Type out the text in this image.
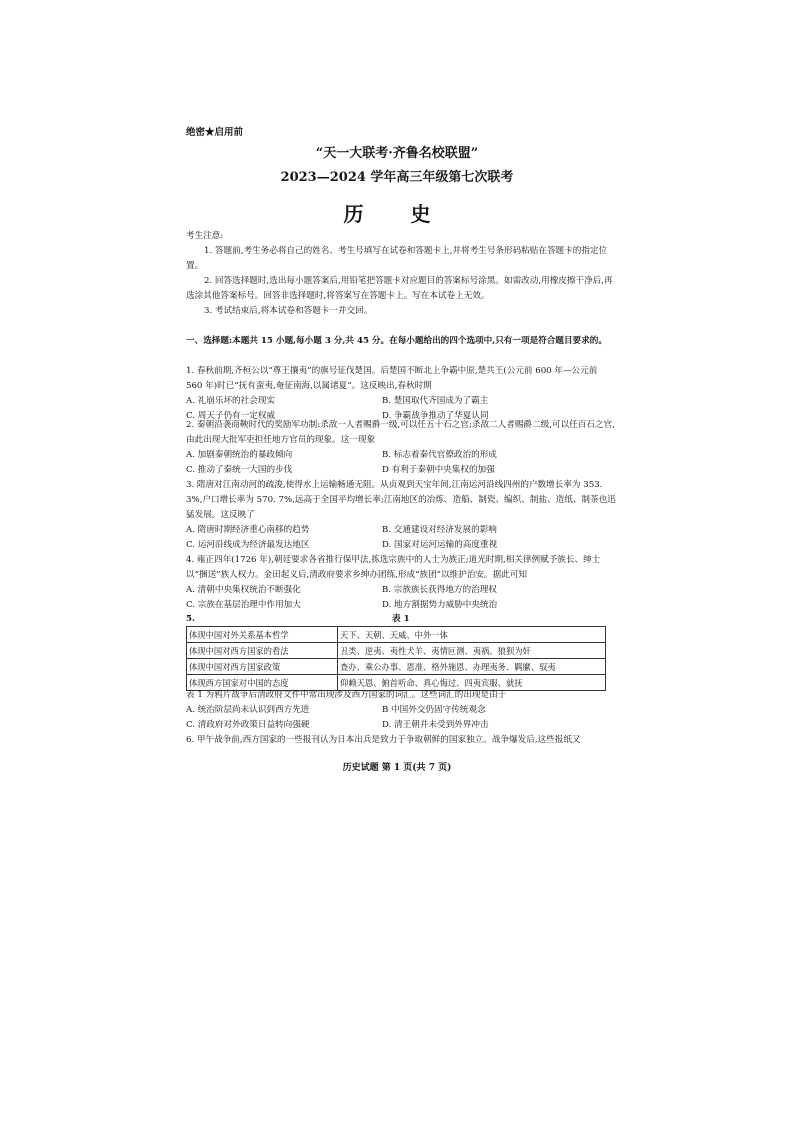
绝密★启用前
“天一大联考·齐鲁名校联盟”
2023—2024 学年高三年级第七次联考
历 史
考生注意:

1. 答题前,考生务必将自己的姓名、考生号填写在试卷和答题卡上,并将考生号条形码粘贴在答题卡的指定位置。

2. 回答选择题时,选出每小题答案后,用铅笔把答题卡对应题目的答案标号涂黑。如需改动,用橡皮擦干净后,再选涂其他答案标号。回答非选择题时,将答案写在答题卡上。写在本试卷上无效。

3. 考试结束后,将本试卷和答题卡一并交回。

一、选择题:本题共 15 小题,每小题 3 分,共 45 分。在每小题给出的四个选项中,只有一项是符合题目要求的。

1. 春秋前期,齐桓公以“尊王攘夷”的旗号征伐楚国。后楚国不断北上争霸中原,楚共王(公元前 600 年—公元前 560 年)时已“抚有蛮夷,奄征南海,以属诸夏”。这反映出,春秋时期

A. 礼崩乐坏的社会现实	B. 楚国取代齐国成为了霸主
C. 周天子仍有一定权威	D. 争霸战争推动了华夏认同

2. 秦朝沿袭商鞅时代的奖励军功制:杀敌一人者赐爵一级,可以任五十石之官;杀敌二人者赐爵二级,可以任百石之官,由此出现大批军吏担任地方官员的现象。这一现象

A. 加剧秦朝统治的暴政倾向	B. 标志着秦代官僚政治的形成
C. 推动了秦统一大国的步伐	D 有利于秦朝中央集权的加强

3. 隋唐对江南动河的疏浚,使得水上运输畅通无阻。从贞观到天宝年间,江南运河沿线四州的户数增长率为 353. 3%,户口增长率为 570. 7%,远高于全国平均增长率;江南地区的冶炼、造船、制瓷、编织、制盐、造纸、制茶也迅猛发展。这反映了

A. 隋唐时期经济重心南移的趋势	B. 交通建设对经济发展的影响
C. 运河沿线成为经济最发达地区	D. 国家对运河运输的高度重视

4. 雍正四年(1726 年),朝廷要求各省推行保甲法,拣选宗族中的人士为族正;道光时期,相关律例赋予族长、绅士以“捆送”族人权力。金田起义后,清政府要求乡绅办团练,形成“族团”以维护治安。据此可知

A. 清朝中央集权统治不断强化	B. 宗族族长获得地方的治理权
C. 宗族在基层治理中作用加大	D. 地方割据势力威胁中央统治
5.	表 1
体现中国对外关系基本哲学	天下、天朝、天威、中外一体
体现中国对西方国家的看法	丑类、逆夷、夷性犬羊、夷情叵测、夷祸、狼狈为奸
体现中国对西方国家政策	查办、乘公办事、恩准、格外施恩、办理夷务、羁縻、驭夷
体现西方国家对中国的态度	仰赖天恩、俯首听命、真心悔过、四夷宾服、就抚

表 1 为鸦片战争后清政府文件中常出现涉及西方国家的词汇。这些词汇的出现是由于

A. 统治阶层尚未认识到西方先进	B 中国外交仍固守传统观念
C. 清政府对外政策日益转向强硬	D. 清王朝并未受到外界冲击

6. 甲午战争前,西方国家的一些报刊认为日本出兵是致力于争取朝鲜的国家独立。战争爆发后,这些报纸又

历史试题 第 1 页(共 7 页)
